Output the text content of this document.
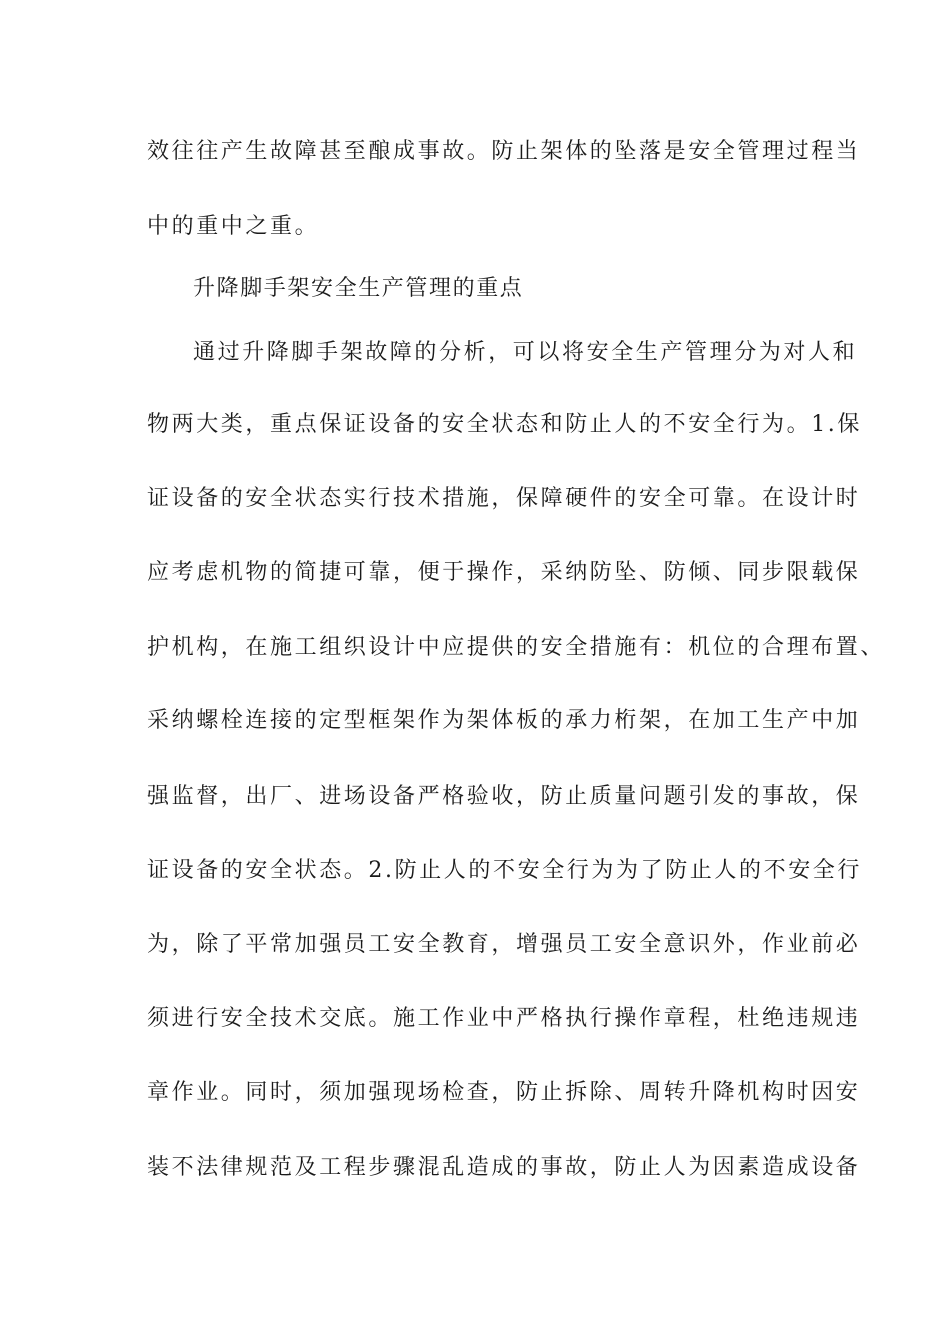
效往往产生故障甚至酿成事故。防止架体的坠落是安全管理过程当
中的重中之重。
升降脚手架安全生产管理的重点
通过升降脚手架故障的分析，可以将安全生产管理分为对人和
物两大类，重点保证设备的安全状态和防止人的不安全行为。1.保
证设备的安全状态实行技术措施，保障硬件的安全可靠。在设计时
应考虑机物的简捷可靠，便于操作，采纳防坠、防倾、同步限载保
护机构，在施工组织设计中应提供的安全措施有：机位的合理布置、
采纳螺栓连接的定型框架作为架体板的承力桁架，在加工生产中加
强监督，出厂、进场设备严格验收，防止质量问题引发的事故，保
证设备的安全状态。2.防止人的不安全行为为了防止人的不安全行
为，除了平常加强员工安全教育，增强员工安全意识外，作业前必
须进行安全技术交底。施工作业中严格执行操作章程，杜绝违规违
章作业。同时，须加强现场检查，防止拆除、周转升降机构时因安
装不法律规范及工程步骤混乱造成的事故，防止人为因素造成设备
